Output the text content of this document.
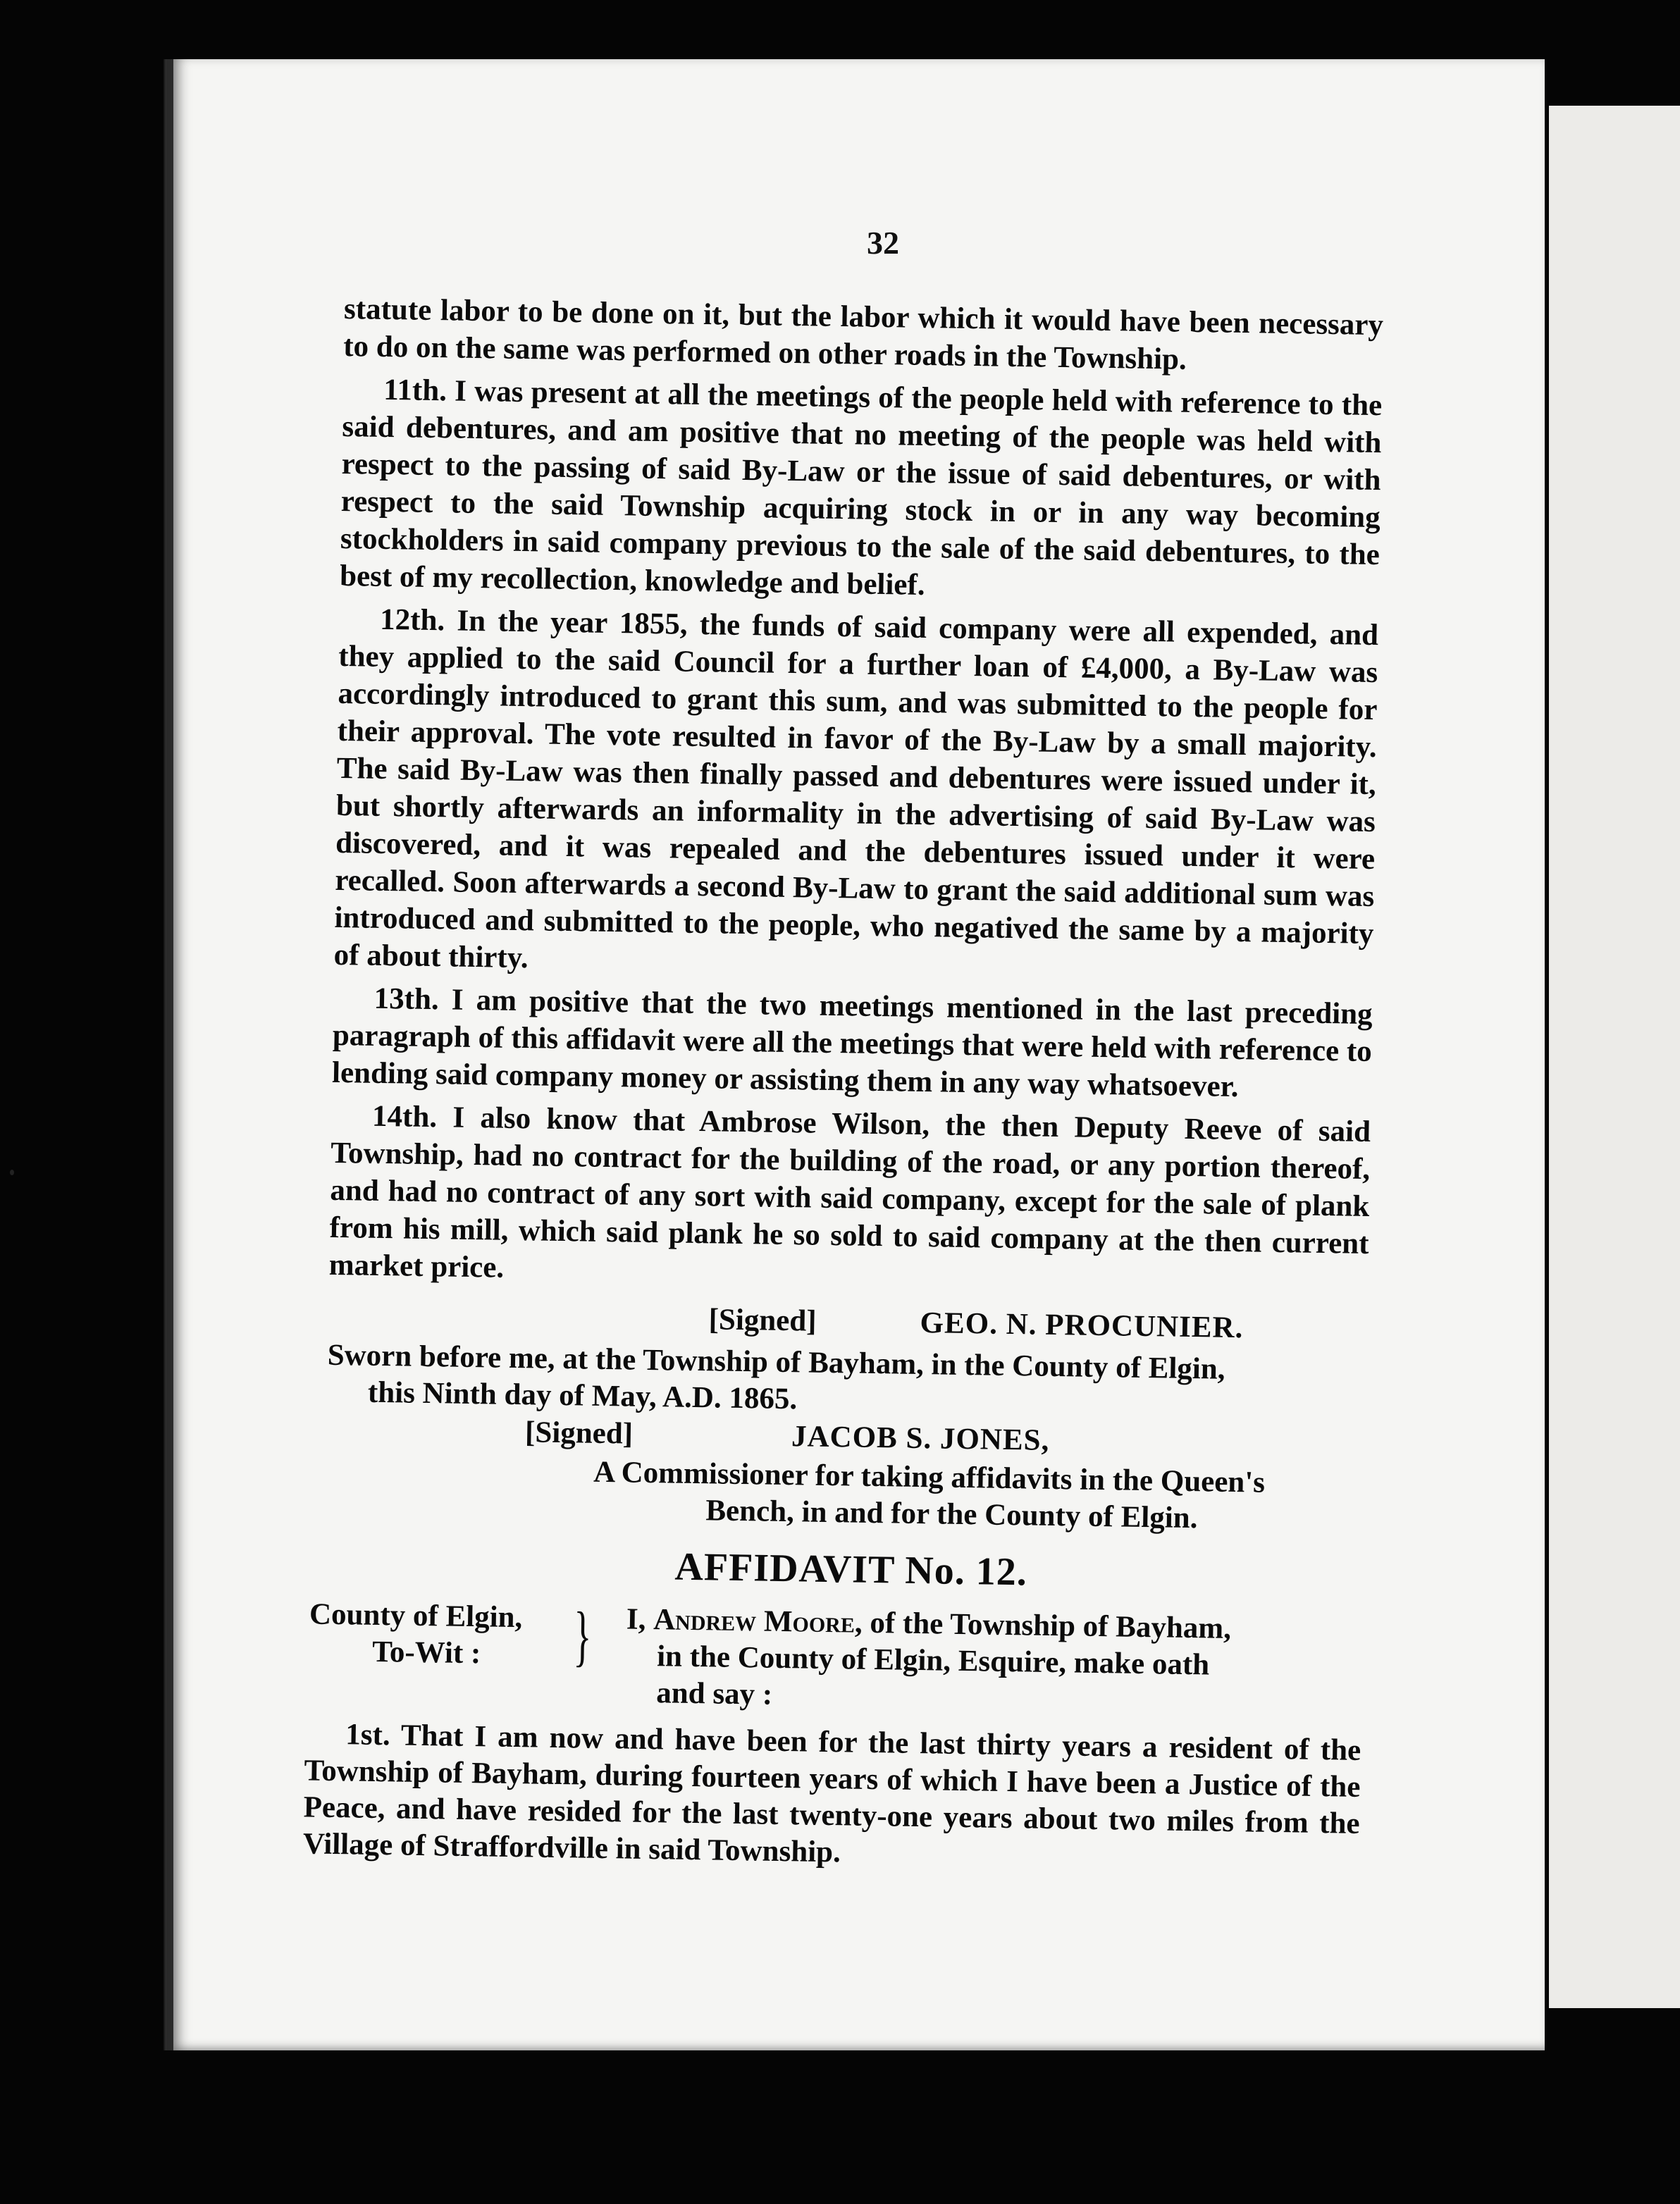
32

statute labor to be done on it, but the labor which it would have been necessary to do on the same was performed on other roads in the Township.

11th. I was present at all the meetings of the people held with reference to the said debentures, and am positive that no meeting of the people was held with respect to the passing of said By-Law or the issue of said debentures, or with respect to the said Township acquiring stock in or in any way becoming stockholders in said company previous to the sale of the said debentures, to the best of my recollection, knowledge and belief.

12th. In the year 1855, the funds of said company were all expended, and they applied to the said Council for a further loan of £4,000, a By-Law was accordingly introduced to grant this sum, and was submitted to the people for their approval. The vote resulted in favor of the By-Law by a small majority. The said By-Law was then finally passed and debentures were issued under it, but shortly afterwards an informality in the advertising of said By-Law was discovered, and it was repealed and the debentures issued under it were recalled. Soon afterwards a second By-Law to grant the said additional sum was introduced and submitted to the people, who negatived the same by a majority of about thirty.

13th. I am positive that the two meetings mentioned in the last preceding paragraph of this affidavit were all the meetings that were held with reference to lending said company money or assisting them in any way whatsoever.

14th. I also know that Ambrose Wilson, the then Deputy Reeve of said Township, had no contract for the building of the road, or any portion thereof, and had no contract of any sort with said company, except for the sale of plank from his mill, which said plank he so sold to said company at the then current market price.

[Signed]	GEO. N. PROCUNIER.
Sworn before me, at the Township of Bayham, in the County of Elgin,
this Ninth day of May, A.D. 1865.
[Signed]	JACOB S. JONES,
A Commissioner for taking affidavits in the Queen's
Bench, in and for the County of Elgin.
AFFIDAVIT No. 12.
County of Elgin,
To-Wit :	} I, Andrew Moore, of the Township of Bayham,
in the County of Elgin, Esquire, make oath
and say :

1st. That I am now and have been for the last thirty years a resident of the Township of Bayham, during fourteen years of which I have been a Justice of the Peace, and have resided for the last twenty-one years about two miles from the Village of Straffordville in said Township.
